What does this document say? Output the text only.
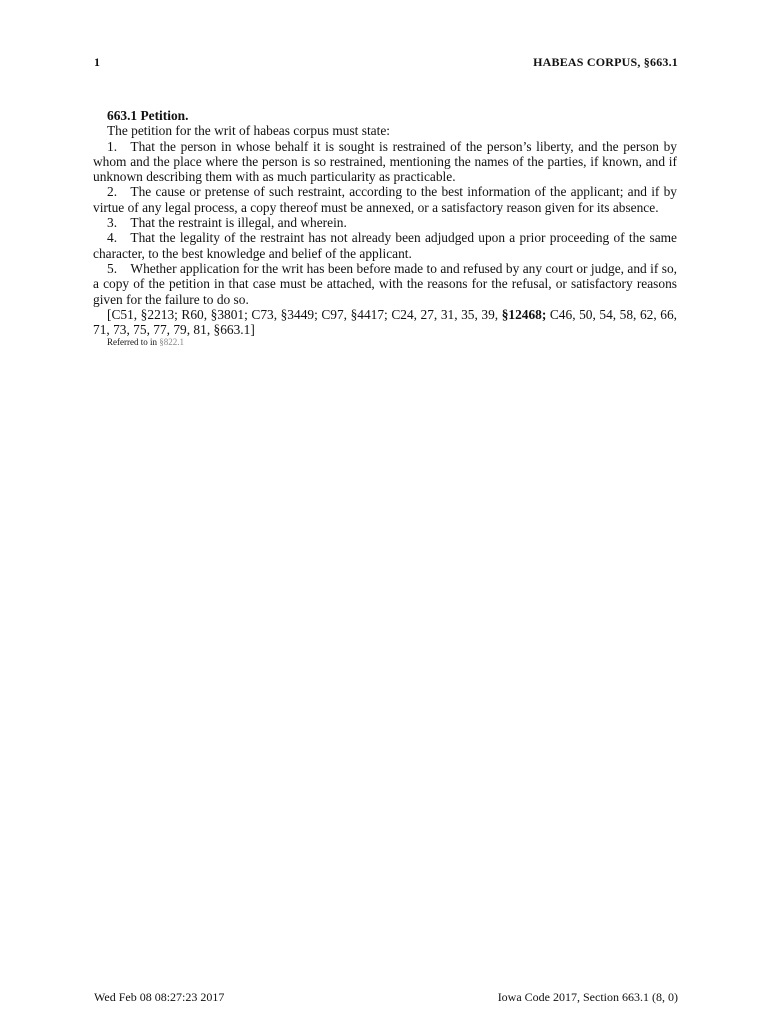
1	HABEAS CORPUS, §663.1

663.1 Petition.

The petition for the writ of habeas corpus must state:

1. That the person in whose behalf it is sought is restrained of the person’s liberty, and the person by whom and the place where the person is so restrained, mentioning the names of the parties, if known, and if unknown describing them with as much particularity as practicable.

2. The cause or pretense of such restraint, according to the best information of the applicant; and if by virtue of any legal process, a copy thereof must be annexed, or a satisfactory reason given for its absence.

3. That the restraint is illegal, and wherein.

4. That the legality of the restraint has not already been adjudged upon a prior proceeding of the same character, to the best knowledge and belief of the applicant.

5. Whether application for the writ has been before made to and refused by any court or judge, and if so, a copy of the petition in that case must be attached, with the reasons for the refusal, or satisfactory reasons given for the failure to do so.

[C51, §2213; R60, §3801; C73, §3449; C97, §4417; C24, 27, 31, 35, 39, §12468; C46, 50, 54, 58, 62, 66, 71, 73, 75, 77, 79, 81, §663.1]

Referred to in §822.1
Wed Feb 08 08:27:23 2017	Iowa Code 2017, Section 663.1 (8, 0)
